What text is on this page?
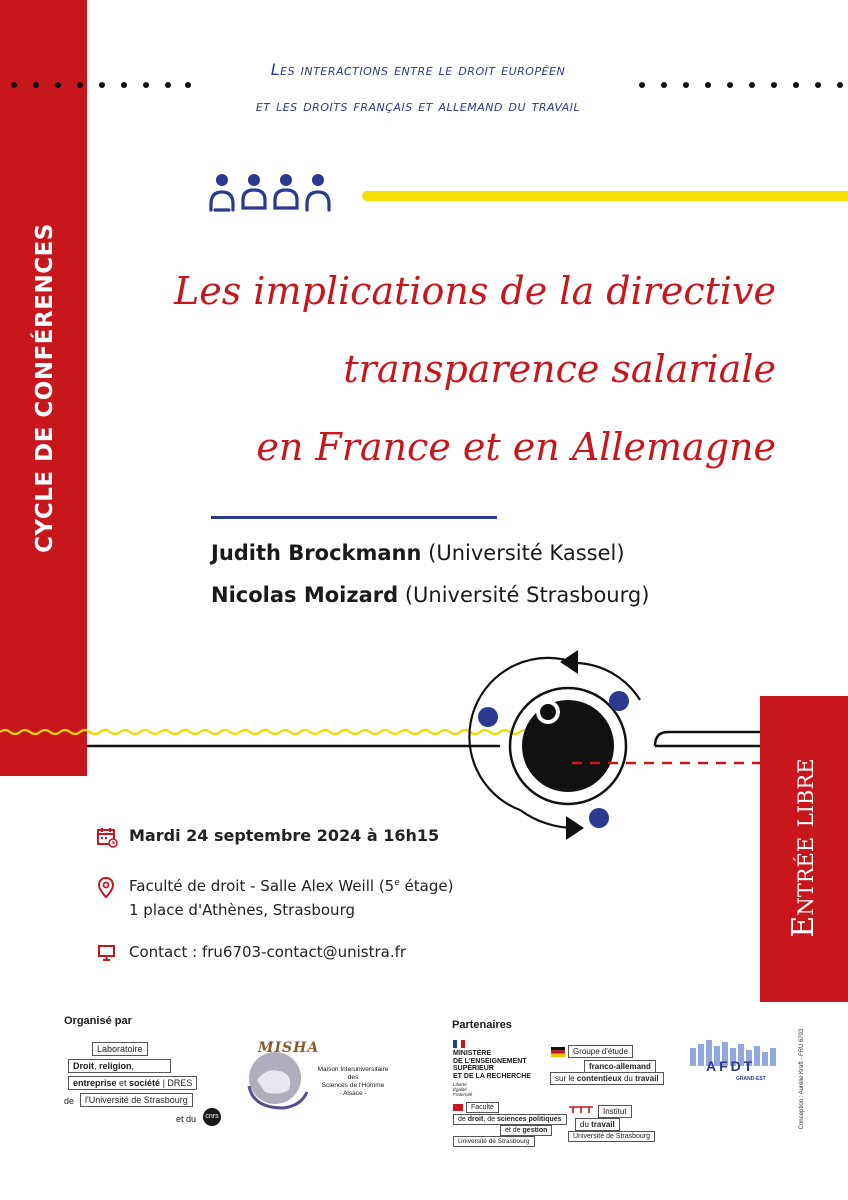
CYCLE DE CONFÉRENCES
Les interactions entre le droit européen
et les droits français et allemand du travail
Les implications de la directive
transparence salariale
en France et en Allemagne
Judith Brockmann (Université Kassel)
Nicolas Moizard (Université Strasbourg)
Entrée libre
Mardi 24 septembre 2024 à 16h15
Faculté de droit - Salle Alex Weill (5e étage)
1 place d'Athènes, Strasbourg
Contact : fru6703-contact@unistra.fr
Organisé par
Laboratoire
Droit, religion,
entreprise et société | DRES
de	l'Université de Strasbourg
et du	cnrs
MISHA
Maison Interuniversitaire des
Sciences de l'Homme
- Alsace -
Partenaires
MINISTÈRE
DE L'ENSEIGNEMENT
SUPÉRIEUR
ET DE LA RECHERCHE
Liberté
Égalité
Fraternité
Groupe d'étude
franco-allemand
sur le contentieux du travail
AFDT
GRAND-EST
Faculté
de droit, de sciences politiques
et de gestion
Université de Strasbourg
Institut
du travail
Université de Strasbourg
Conception : Aurélie Kraft - FRU 6703
